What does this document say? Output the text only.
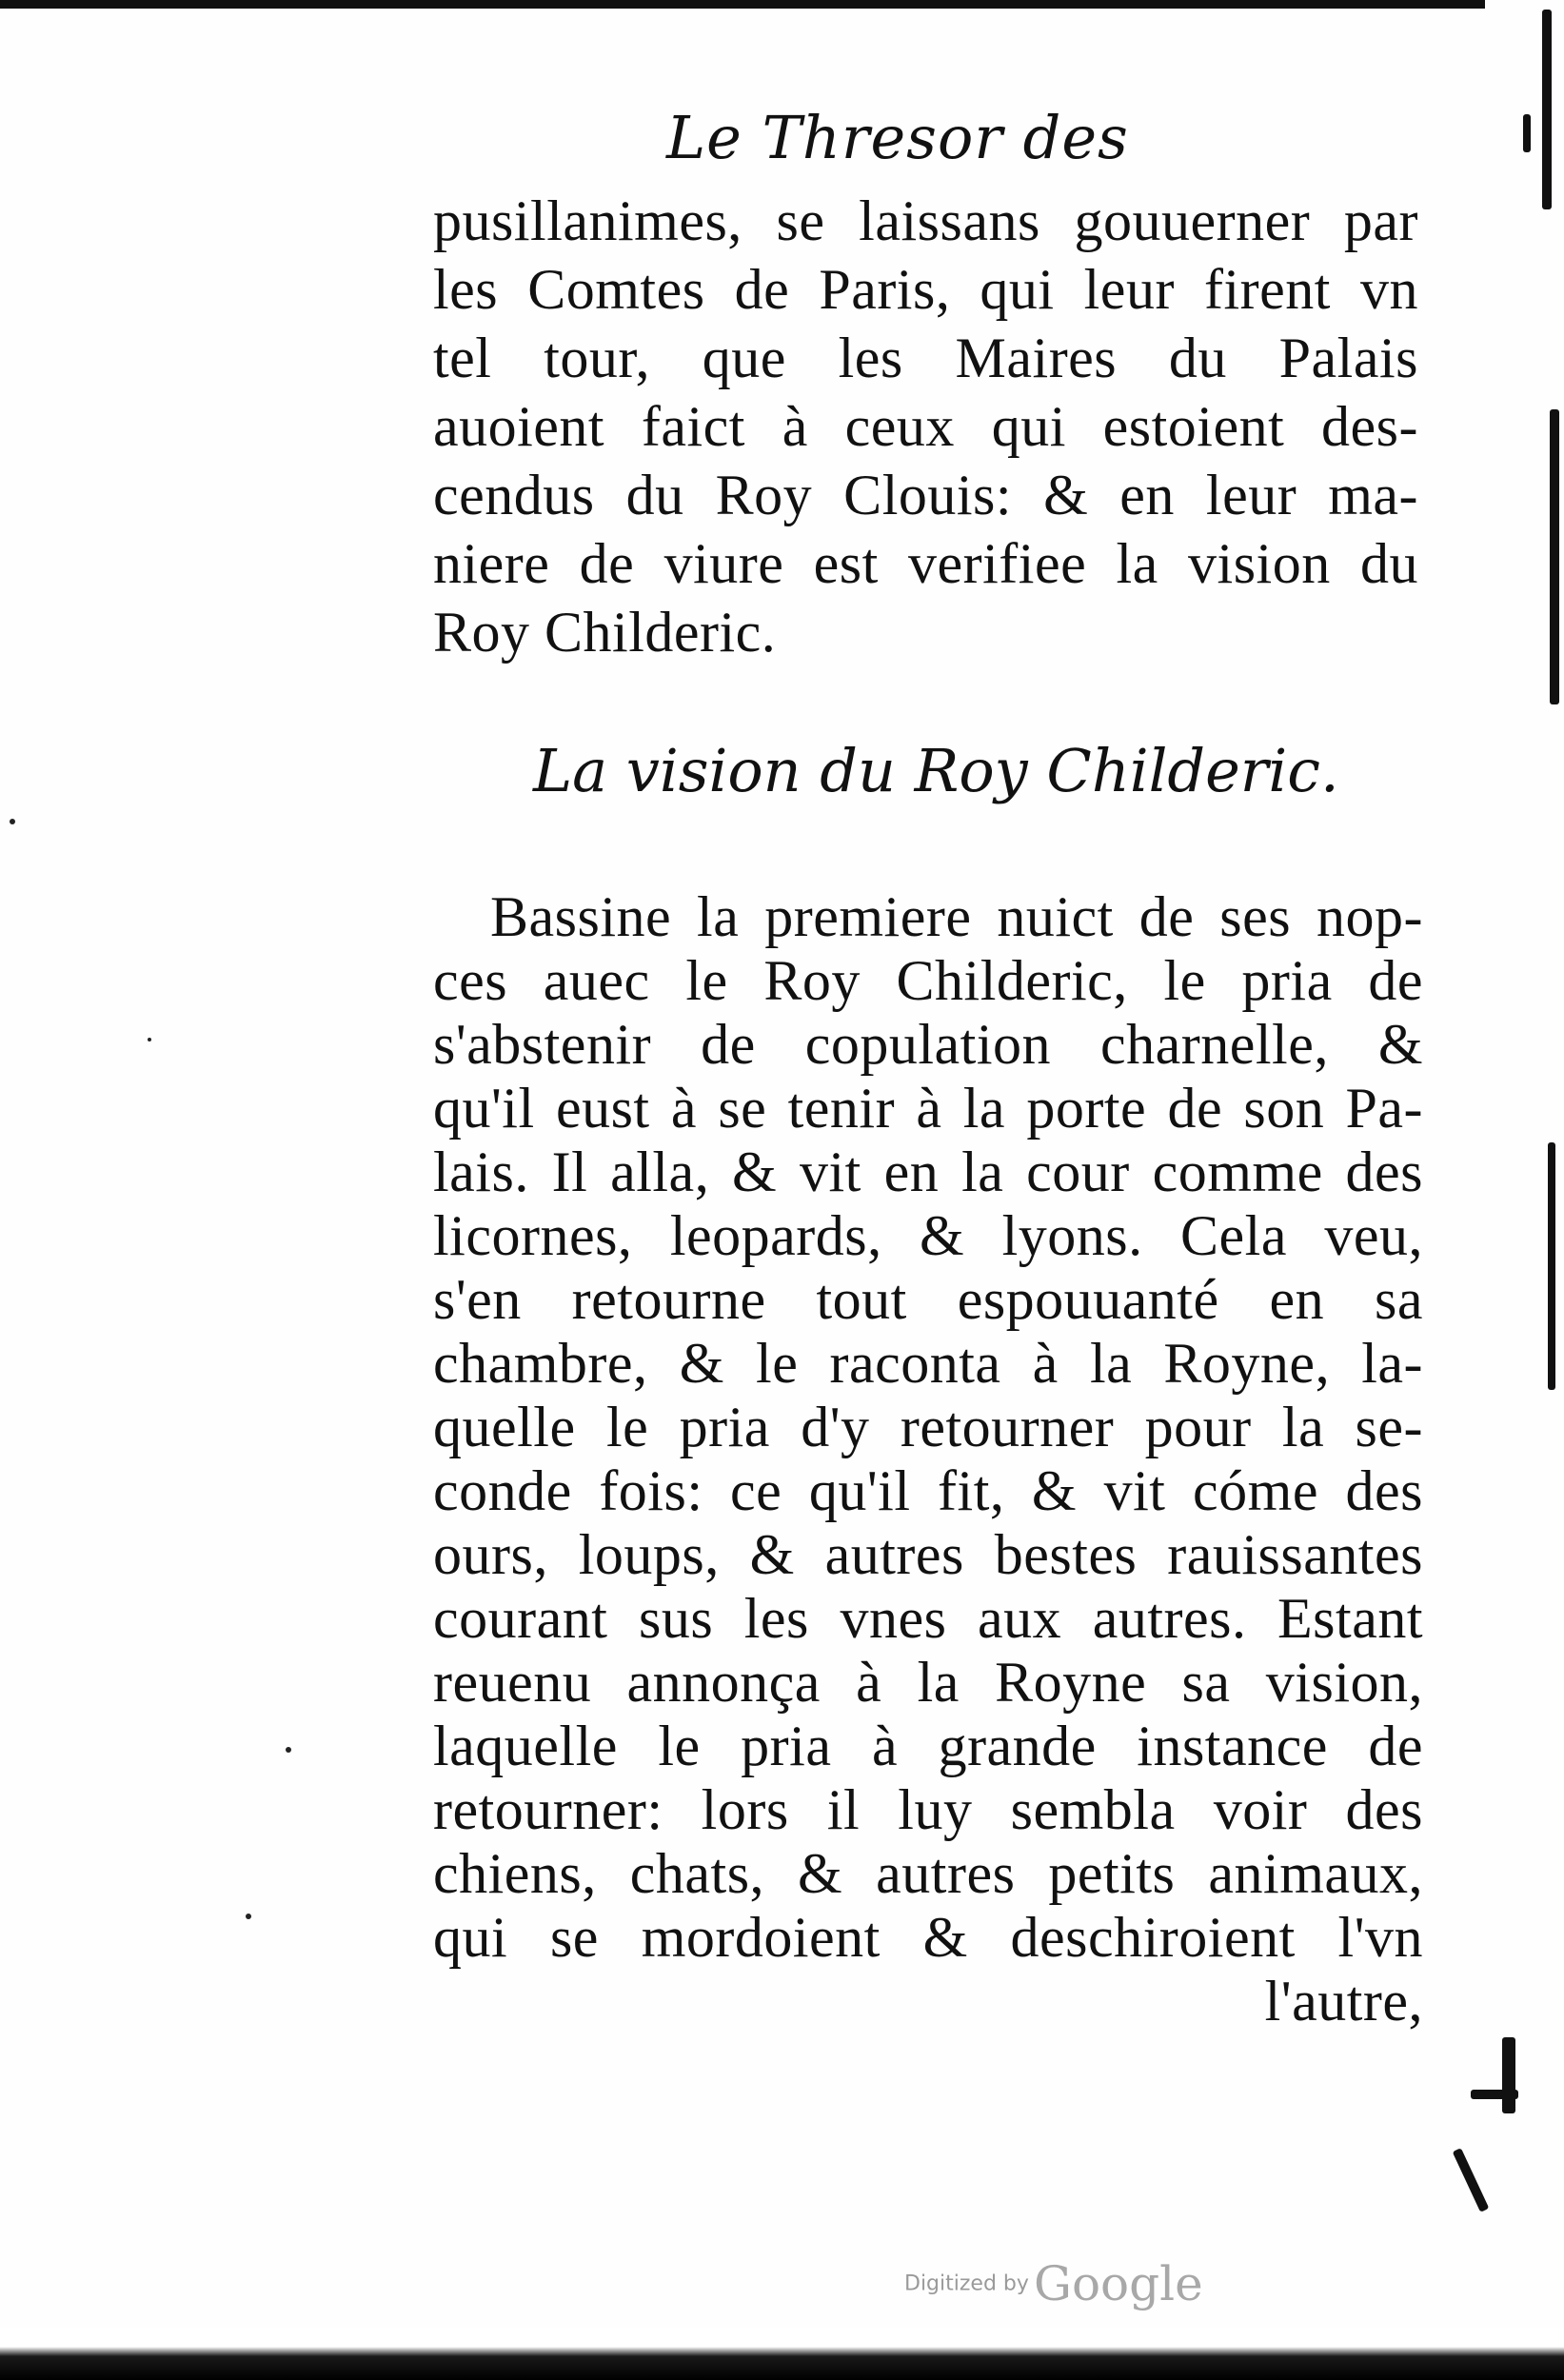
Le Thresor des
pusillanimes, se laissans gouuerner par
les Comtes de Paris, qui leur firent vn
tel tour, que les Maires du Palais
auoient faict à ceux qui estoient des-
cendus du Roy Clouis: & en leur ma-
niere de viure est verifiee la vision du
Roy Childeric.
La vision du Roy Childeric.
Bassine la premiere nuict de ses nop-
ces auec le Roy Childeric, le pria de
s'abstenir de copulation charnelle, &
qu'il eust à se tenir à la porte de son Pa-
lais. Il alla, & vit en la cour comme des
licornes, leopards, & lyons. Cela veu,
s'en retourne tout espouuanté en sa
chambre, & le raconta à la Royne, la-
quelle le pria d'y retourner pour la se-
conde fois: ce qu'il fit, & vit cóme des
ours, loups, & autres bestes rauissantes
courant sus les vnes aux autres. Estant
reuenu annonça à la Royne sa vision,
laquelle le pria à grande instance de
retourner: lors il luy sembla voir des
chiens, chats, & autres petits animaux,
qui se mordoient & deschiroient l'vn
l'autre,
Digitized by Google
